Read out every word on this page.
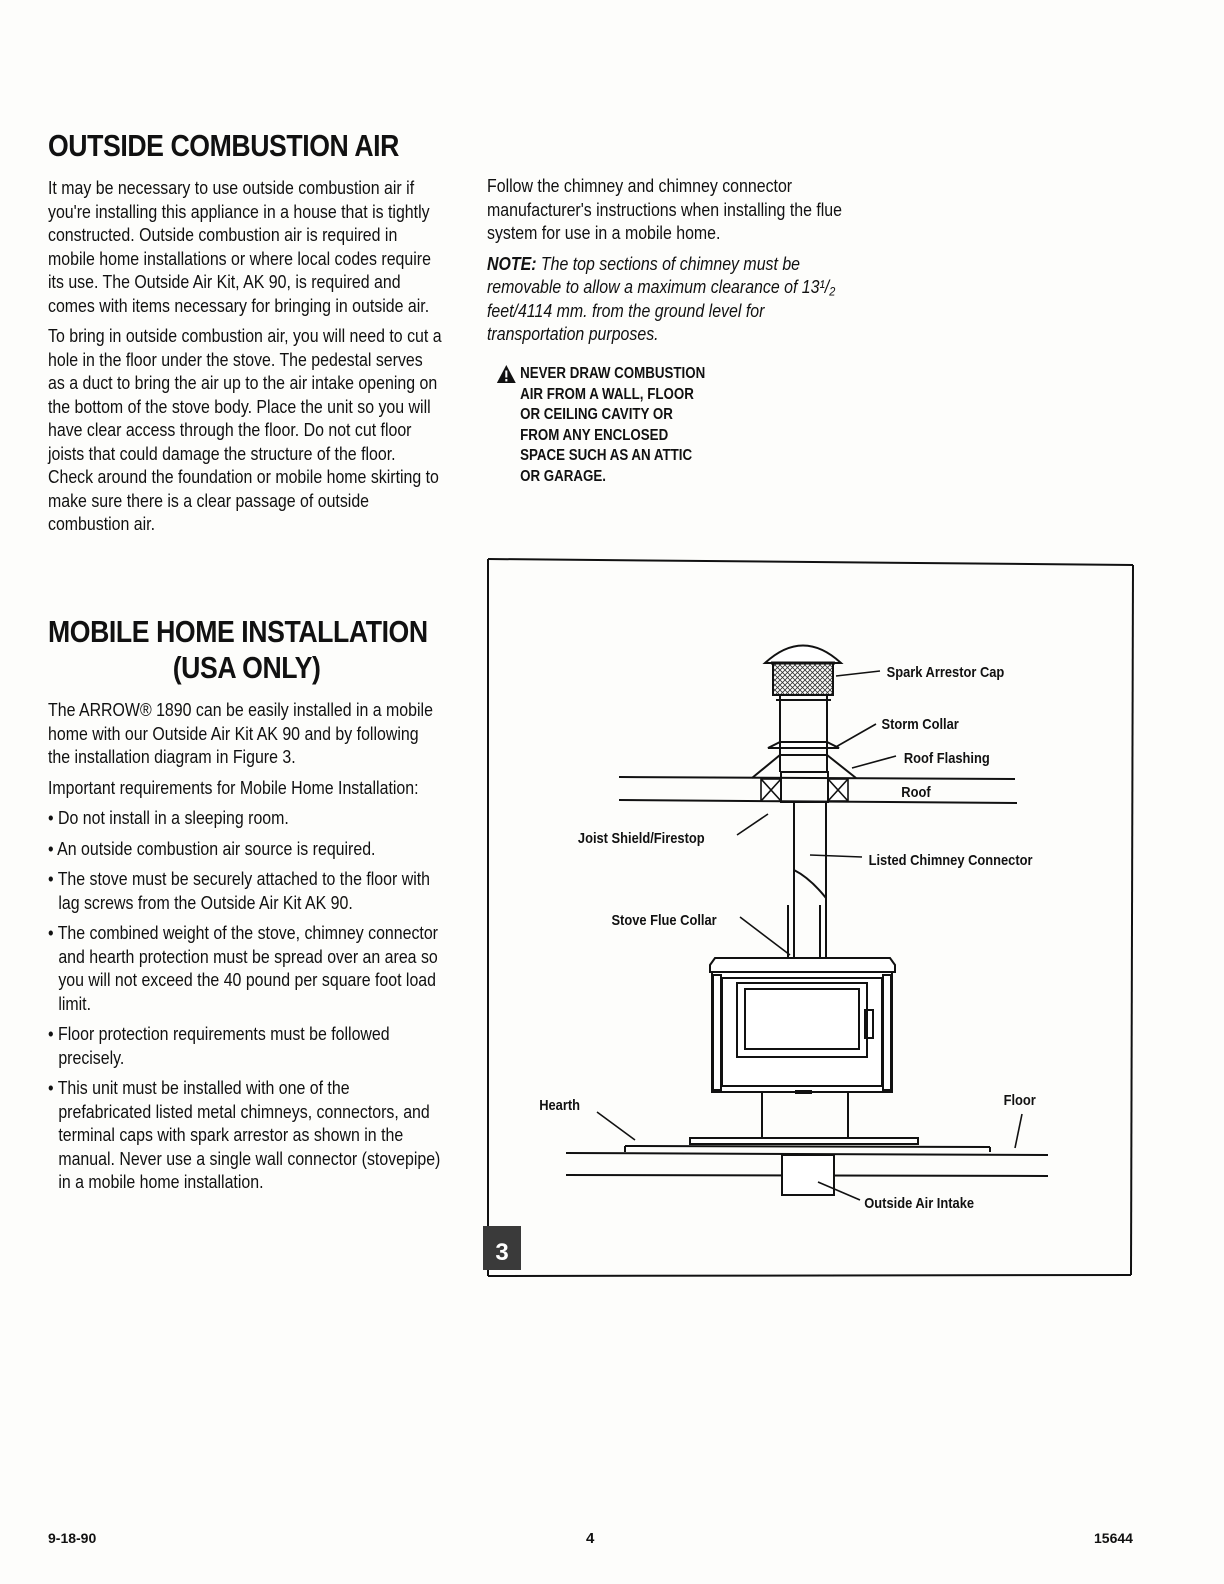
OUTSIDE COMBUSTION AIR

It may be necessary to use outside combustion air if you're installing this appliance in a house that is tightly constructed. Outside combustion air is required in mobile home installations or where local codes require its use. The Outside Air Kit, AK 90, is required and comes with items necessary for bringing in outside air.

To bring in outside combustion air, you will need to cut a hole in the floor under the stove. The pedestal serves as a duct to bring the air up to the air intake opening on the bottom of the stove body. Place the unit so you will have clear access through the floor. Do not cut floor joists that could damage the structure of the floor. Check around the foundation or mobile home skirting to make sure there is a clear passage of outside combustion air.

MOBILE HOME INSTALLATION
(USA ONLY)

The ARROW® 1890 can be easily installed in a mobile home with our Outside Air Kit AK 90 and by following the installation diagram in Figure 3.

Important requirements for Mobile Home Installation:

• Do not install in a sleeping room.

• An outside combustion air source is required.

• The stove must be securely attached to the floor with lag screws from the Outside Air Kit AK 90.

• The combined weight of the stove, chimney connector and hearth protection must be spread over an area so you will not exceed the 40 pound per square foot load limit.

• Floor protection requirements must be followed precisely.

• This unit must be installed with one of the prefabricated listed metal chimneys, connectors, and terminal caps with spark arrestor as shown in the manual. Never use a single wall connector (stovepipe) in a mobile home installation.

Follow the chimney and chimney connector manufacturer's instructions when installing the flue system for use in a mobile home.

NOTE: The top sections of chimney must be removable to allow a maximum clearance of 13¹/₂ feet/4114 mm. from the ground level for transportation purposes.

NEVER DRAW COMBUSTION

AIR FROM A WALL, FLOOR

OR CEILING CAVITY OR

FROM ANY ENCLOSED

SPACE SUCH AS AN ATTIC

OR GARAGE.

Spark Arrestor Cap
Storm Collar
Roof Flashing
Roof
Joist Shield/Firestop
Listed Chimney Connector
Stove Flue Collar
Hearth	Floor
Outside Air Intake
3
9-18-90	4	15644
